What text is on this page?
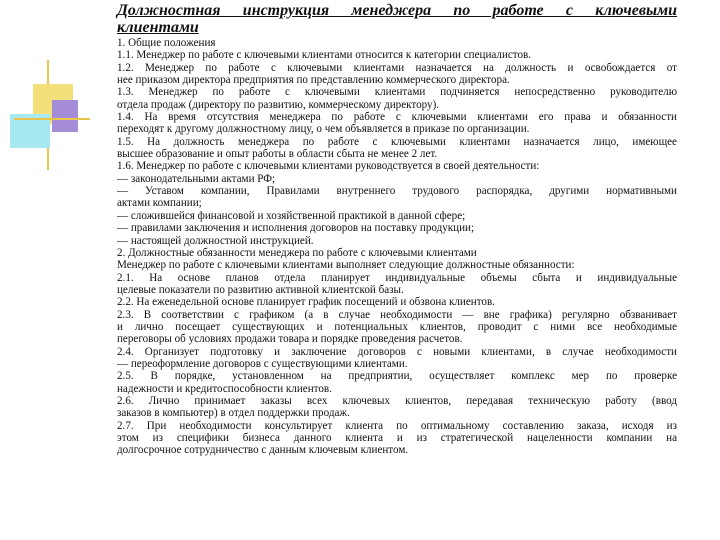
Должностная инструкция менеджера по работе с ключевыми

клиентами

1. Общие положения

1.1. Менеджер по работе с ключевыми клиентами относится к категории специалистов.

1.2. Менеджер по работе с ключевыми клиентами назначается на должность и освобождается от

нее приказом директора предприятия по представлению коммерческого директора.

1.3. Менеджер по работе с ключевыми клиентами подчиняется непосредственно руководителю

отдела продаж (директору по развитию, коммерческому директору).

1.4. На время отсутствия менеджера по работе с ключевыми клиентами его права и обязанности

переходят к другому должностному лицу, о чем объявляется в приказе по организации.

1.5. На должность менеджера по работе с ключевыми клиентами назначается лицо, имеющее

высшее образование и опыт работы в области сбыта не менее 2 лет.

1.6. Менеджер по работе с ключевыми клиентами руководствуется в своей деятельности:

— законодательными актами РФ;

— Уставом компании, Правилами внутреннего трудового распорядка, другими нормативными

актами компании;

— сложившейся финансовой и хозяйственной практикой в данной сфере;

— правилами заключения и исполнения договоров на поставку продукции;

— настоящей должностной инструкцией.

2. Должностные обязанности менеджера по работе с ключевыми клиентами

Менеджер по работе с ключевыми клиентами выполняет следующие должностные обязанности:

2.1. На основе планов отдела планирует индивидуальные объемы сбыта и индивидуальные

целевые показатели по развитию активной клиентской базы.

2.2. На еженедельной основе планирует график посещений и обзвона клиентов.

2.3. В соответствии с графиком (а в случае необходимости — вне графика) регулярно обзванивает

и лично посещает существующих и потенциальных клиентов, проводит с ними все необходимые

переговоры об условиях продажи товара и порядке проведения расчетов.

2.4. Организует подготовку и заключение договоров с новыми клиентами, в случае необходимости

— переоформление договоров с существующими клиентами.

2.5. В порядке, установленном на предприятии, осуществляет комплекс мер по проверке

надежности и кредитоспособности клиентов.

2.6. Лично принимает заказы всех ключевых клиентов, передавая техническую работу (ввод

заказов в компьютер) в отдел поддержки продаж.

2.7. При необходимости консультирует клиента по оптимальному составлению заказа, исходя из

этом из специфики бизнеса данного клиента и из стратегической нацеленности компании на

долгосрочное сотрудничество с данным ключевым клиентом.
